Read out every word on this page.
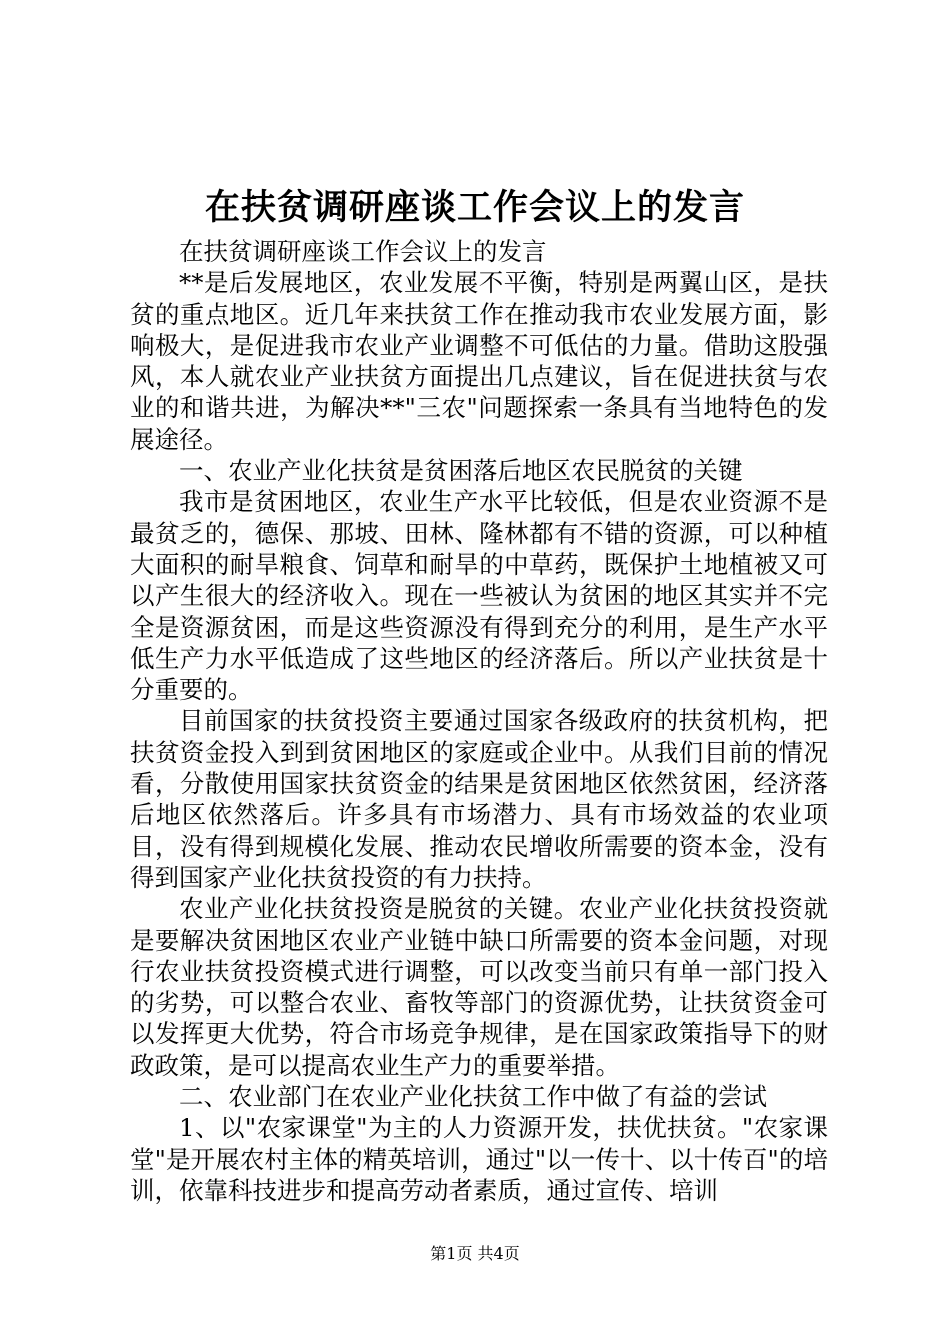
在扶贫调研座谈工作会议上的发言

在扶贫调研座谈工作会议上的发言

**是后发展地区，农业发展不平衡，特别是两翼山区，是扶贫的重点地区。近几年来扶贫工作在推动我市农业发展方面，影响极大，是促进我市农业产业调整不可低估的力量。借助这股强风，本人就农业产业扶贫方面提出几点建议，旨在促进扶贫与农业的和谐共进，为解决**"三农"问题探索一条具有当地特色的发展途径。

一、农业产业化扶贫是贫困落后地区农民脱贫的关键

我市是贫困地区，农业生产水平比较低，但是农业资源不是最贫乏的，德保、那坡、田林、隆林都有不错的资源，可以种植大面积的耐旱粮食、饲草和耐旱的中草药，既保护土地植被又可以产生很大的经济收入。现在一些被认为贫困的地区其实并不完全是资源贫困，而是这些资源没有得到充分的利用，是生产水平低生产力水平低造成了这些地区的经济落后。所以产业扶贫是十分重要的。

目前国家的扶贫投资主要通过国家各级政府的扶贫机构，把扶贫资金投入到到贫困地区的家庭或企业中。从我们目前的情况看，分散使用国家扶贫资金的结果是贫困地区依然贫困，经济落后地区依然落后。许多具有市场潜力、具有市场效益的农业项目，没有得到规模化发展、推动农民增收所需要的资本金，没有得到国家产业化扶贫投资的有力扶持。

农业产业化扶贫投资是脱贫的关键。农业产业化扶贫投资就是要解决贫困地区农业产业链中缺口所需要的资本金问题，对现行农业扶贫投资模式进行调整，可以改变当前只有单一部门投入的劣势，可以整合农业、畜牧等部门的资源优势，让扶贫资金可以发挥更大优势，符合市场竞争规律，是在国家政策指导下的财政政策，是可以提高农业生产力的重要举措。

二、农业部门在农业产业化扶贫工作中做了有益的尝试

1、以"农家课堂"为主的人力资源开发，扶优扶贫。"农家课堂"是开展农村主体的精英培训，通过"以一传十、以十传百"的培训，依靠科技进步和提高劳动者素质，通过宣传、培训

第1页 共4页
